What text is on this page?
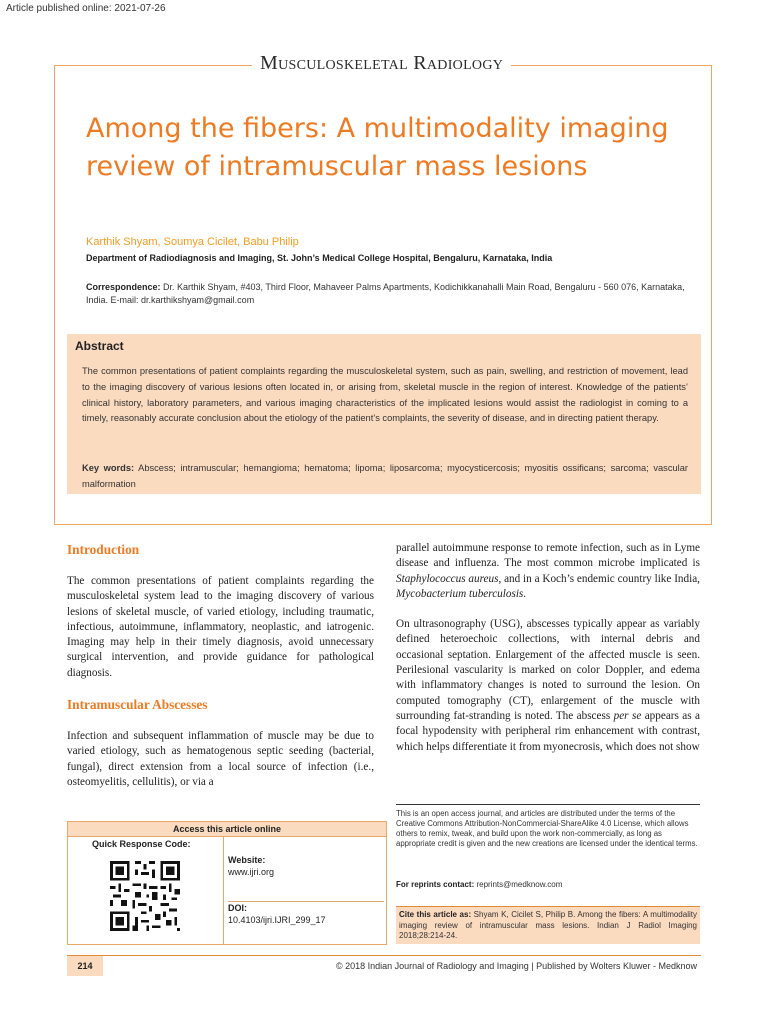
Article published online: 2021-07-26
Musculoskeletal Radiology
Among the fibers: A multimodality imaging review of intramuscular mass lesions
Karthik Shyam, Soumya Cicilet, Babu Philip
Department of Radiodiagnosis and Imaging, St. John’s Medical College Hospital, Bengaluru, Karnataka, India
Correspondence: Dr. Karthik Shyam, #403, Third Floor, Mahaveer Palms Apartments, Kodichikkanahalli Main Road, Bengaluru - 560 076, Karnataka, India. E-mail: dr.karthikshyam@gmail.com
Abstract

The common presentations of patient complaints regarding the musculoskeletal system, such as pain, swelling, and restriction of movement, lead to the imaging discovery of various lesions often located in, or arising from, skeletal muscle in the region of interest. Knowledge of the patients’ clinical history, laboratory parameters, and various imaging characteristics of the implicated lesions would assist the radiologist in coming to a timely, reasonably accurate conclusion about the etiology of the patient’s complaints, the severity of disease, and in directing patient therapy.

Key words: Abscess; intramuscular; hemangioma; hematoma; lipoma; liposarcoma; myocysticercosis; myositis ossificans; sarcoma; vascular malformation

Introduction

The common presentations of patient complaints regarding the musculoskeletal system lead to the imaging discovery of various lesions of skeletal muscle, of varied etiology, including traumatic, infectious, autoimmune, inflammatory, neoplastic, and iatrogenic. Imaging may help in their timely diagnosis, avoid unnecessary surgical intervention, and provide guidance for pathological diagnosis.

Intramuscular Abscesses

Infection and subsequent inflammation of muscle may be due to varied etiology, such as hematogenous septic seeding (bacterial, fungal), direct extension from a local source of infection (i.e., osteomyelitis, cellulitis), or via a

parallel autoimmune response to remote infection, such as in Lyme disease and influenza. The most common microbe implicated is Staphylococcus aureus, and in a Koch’s endemic country like India, Mycobacterium tuberculosis.

On ultrasonography (USG), abscesses typically appear as variably defined heteroechoic collections, with internal debris and occasional septation. Enlargement of the affected muscle is seen. Perilesional vascularity is marked on color Doppler, and edema with inflammatory changes is noted to surround the lesion. On computed tomography (CT), enlargement of the muscle with surrounding fat-stranding is noted. The abscess per se appears as a focal hypodensity with peripheral rim enhancement with contrast, which helps differentiate it from myonecrosis, which does not show

Access this article online
Quick Response Code:
Website:
www.ijri.org
DOI:
10.4103/ijri.IJRI_299_17
This is an open access journal, and articles are distributed under the terms of the Creative Commons Attribution-NonCommercial-ShareAlike 4.0 License, which allows others to remix, tweak, and build upon the work non-commercially, as long as appropriate credit is given and the new creations are licensed under the identical terms.
For reprints contact: reprints@medknow.com
Cite this article as: Shyam K, Cicilet S, Philip B. Among the fibers: A multimodality imaging review of intramuscular mass lesions. Indian J Radiol Imaging 2018;28:214-24.
214	© 2018 Indian Journal of Radiology and Imaging | Published by Wolters Kluwer - Medknow
